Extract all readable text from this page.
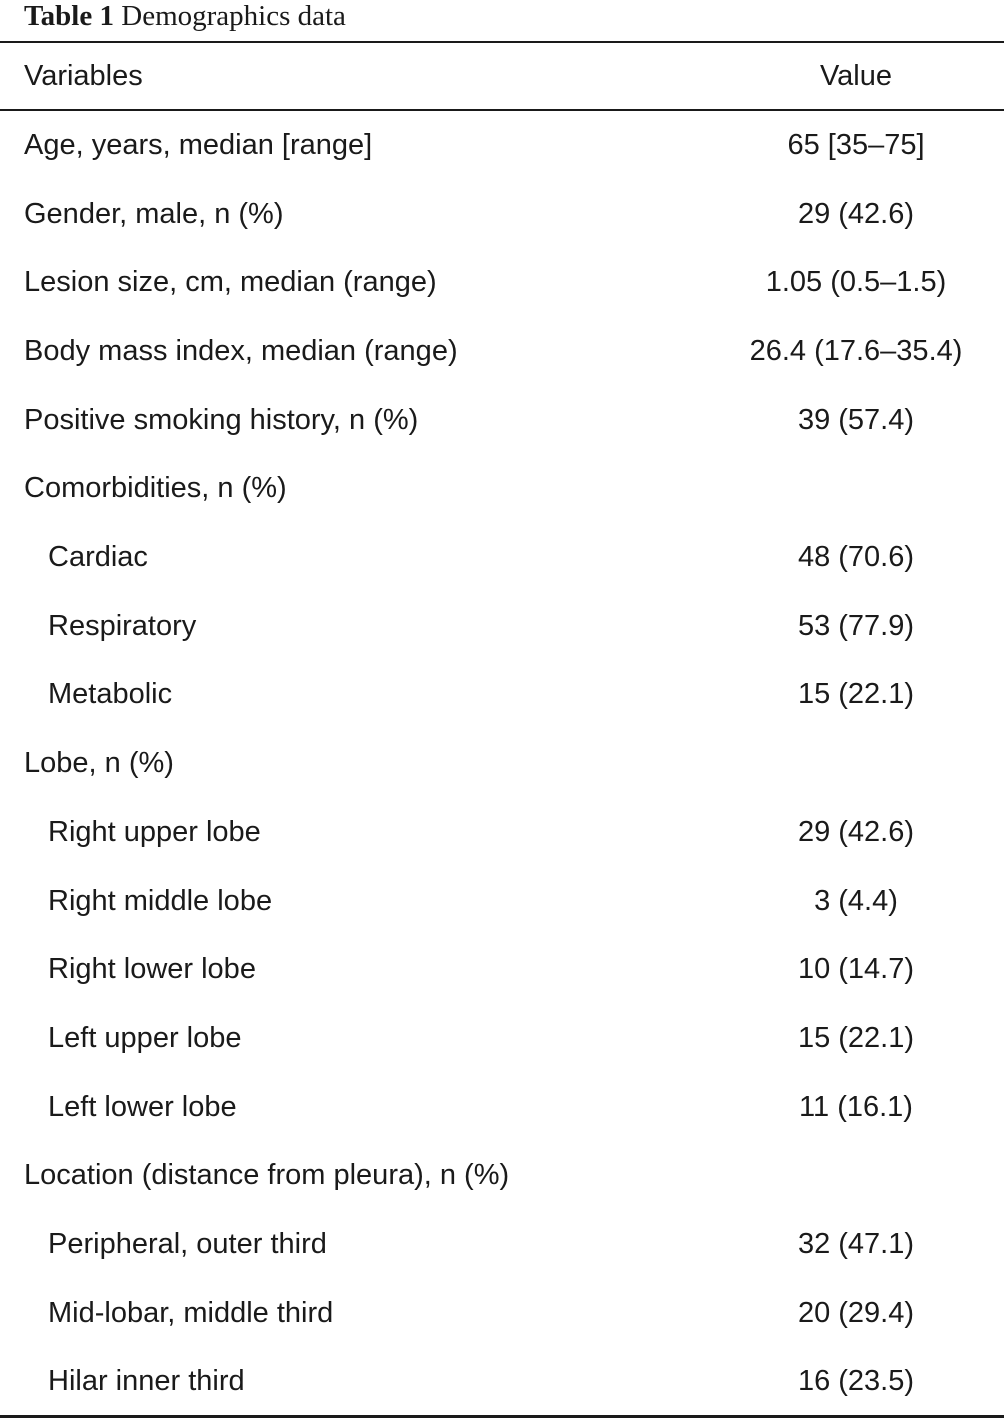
Table 1 Demographics data
Variables	Value
Age, years, median [range]	65 [35–75]
Gender, male, n (%)	29 (42.6)
Lesion size, cm, median (range)	1.05 (0.5–1.5)
Body mass index, median (range)	26.4 (17.6–35.4)
Positive smoking history, n (%)	39 (57.4)
Comorbidities, n (%)
Cardiac	48 (70.6)
Respiratory	53 (77.9)
Metabolic	15 (22.1)
Lobe, n (%)
Right upper lobe	29 (42.6)
Right middle lobe	3 (4.4)
Right lower lobe	10 (14.7)
Left upper lobe	15 (22.1)
Left lower lobe	11 (16.1)
Location (distance from pleura), n (%)
Peripheral, outer third	32 (47.1)
Mid-lobar, middle third	20 (29.4)
Hilar inner third	16 (23.5)
